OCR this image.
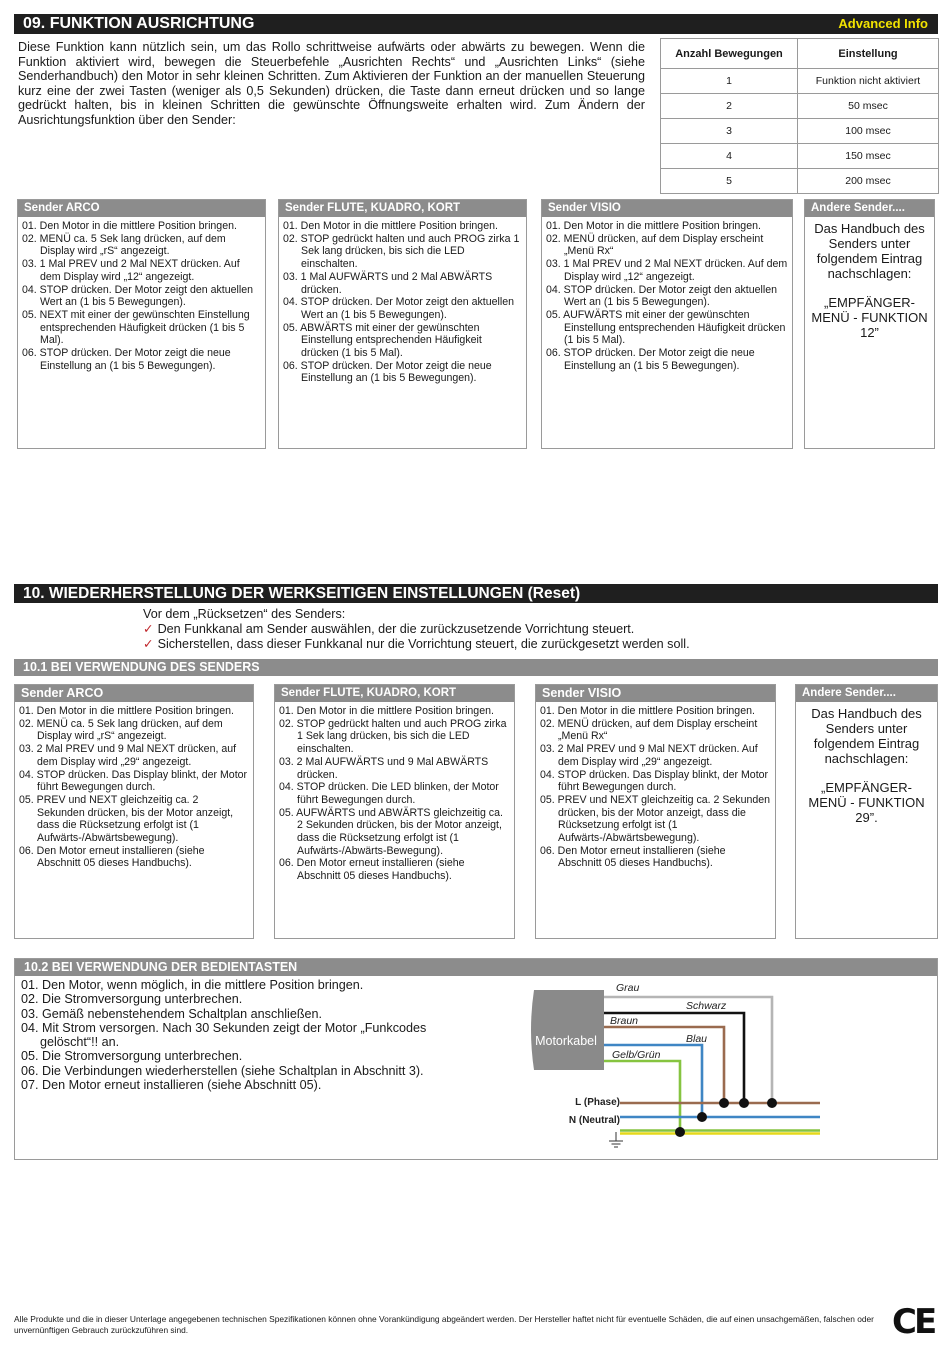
09. FUNKTION AUSRICHTUNG	Advanced Info
Diese Funktion kann nützlich sein, um das Rollo schrittweise aufwärts oder abwärts zu bewegen. Wenn die Funktion aktiviert wird, bewegen die Steuerbefehle „Ausrichten Rechts“ und „Ausrichten Links“ (siehe Senderhandbuch) den Motor in sehr kleinen Schritten. Zum Aktivieren der Funktion an der manuellen Steuerung kurz eine der zwei Tasten (weniger als 0,5 Sekunden) drücken, die Taste dann erneut drücken und so lange gedrückt halten, bis in kleinen Schritten die gewünschte Öffnungsweite erhalten wird. Zum Ändern der Ausrichtungsfunktion über den Sender:
Anzahl Bewegungen	Einstellung
1	Funktion nicht aktiviert
2	50 msec
3	100 msec
4	150 msec
5	200 msec
Sender ARCO
01. Den Motor in die mittlere Position bringen.
02. MENÜ ca. 5 Sek lang drücken, auf dem Display wird „rS“ angezeigt.
03. 1 Mal PREV und 2 Mal NEXT drücken. Auf dem Display wird „12“ angezeigt.
04. STOP drücken. Der Motor zeigt den aktuellen Wert an (1 bis 5 Bewegungen).
05. NEXT mit einer der gewünschten Einstellung entsprechenden Häufigkeit drücken (1 bis 5 Mal).
06. STOP drücken. Der Motor zeigt die neue Einstellung an (1 bis 5 Bewegungen).
Sender FLUTE, KUADRO, KORT
01. Den Motor in die mittlere Position bringen.
02. STOP gedrückt halten und auch PROG zirka 1 Sek lang drücken, bis sich die LED einschalten.
03. 1 Mal AUFWÄRTS und 2 Mal ABWÄRTS drücken.
04. STOP drücken. Der Motor zeigt den aktuellen Wert an (1 bis 5 Bewegungen).
05. ABWÄRTS mit einer der gewünschten Einstellung entsprechenden Häufigkeit drücken (1 bis 5 Mal).
06. STOP drücken. Der Motor zeigt die neue Einstellung an (1 bis 5 Bewegungen).
Sender VISIO
01. Den Motor in die mittlere Position bringen.
02. MENÜ drücken, auf dem Display erscheint „Menü Rx“
03. 1 Mal PREV und 2 Mal NEXT drücken. Auf dem Display wird „12“ angezeigt.
04. STOP drücken. Der Motor zeigt den aktuellen Wert an (1 bis 5 Bewegungen).
05. AUFWÄRTS mit einer der gewünschten Einstellung entsprechenden Häufigkeit drücken (1 bis 5 Mal).
06. STOP drücken. Der Motor zeigt die neue Einstellung an (1 bis 5 Bewegungen).
Andere Sender....

Das Handbuch des Senders unter folgendem Eintrag nachschlagen:

„EMPFÄNGER-MENÜ - FUNKTION 12”

10. WIEDERHERSTELLUNG DER WERKSEITIGEN EINSTELLUNGEN (Reset)
Vor dem „Rücksetzen“ des Senders:
✓ Den Funkkanal am Sender auswählen, der die zurückzusetzende Vorrichtung steuert.
✓ Sicherstellen, dass dieser Funkkanal nur die Vorrichtung steuert, die zurückgesetzt werden soll.
10.1 BEI VERWENDUNG DES SENDERS
Sender ARCO
01. Den Motor in die mittlere Position bringen.
02. MENÜ ca. 5 Sek lang drücken, auf dem Display wird „rS“ angezeigt.
03. 2 Mal PREV und 9 Mal NEXT drücken, auf dem Display wird „29“ angezeigt.
04. STOP drücken. Das Display blinkt, der Motor führt Bewegungen durch.
05. PREV und NEXT gleichzeitig ca. 2 Sekunden drücken, bis der Motor anzeigt, dass die Rücksetzung erfolgt ist (1 Aufwärts-/Abwärtsbewegung).
06. Den Motor erneut installieren (siehe Abschnitt 05 dieses Handbuchs).
Sender FLUTE, KUADRO, KORT
01. Den Motor in die mittlere Position bringen.
02. STOP gedrückt halten und auch PROG zirka 1 Sek lang drücken, bis sich die LED einschalten.
03. 2 Mal AUFWÄRTS und 9 Mal ABWÄRTS drücken.
04. STOP drücken. Die LED blinken, der Motor führt Bewegungen durch.
05. AUFWÄRTS und ABWÄRTS gleichzeitig ca. 2 Sekunden drücken, bis der Motor anzeigt, dass die Rücksetzung erfolgt ist (1 Aufwärts-/Abwärts-Bewegung).
06. Den Motor erneut installieren (siehe Abschnitt 05 dieses Handbuchs).
Sender VISIO
01. Den Motor in die mittlere Position bringen.
02. MENÜ drücken, auf dem Display erscheint „Menü Rx“
03. 2 Mal PREV und 9 Mal NEXT drücken. Auf dem Display wird „29“ angezeigt.
04. STOP drücken. Das Display blinkt, der Motor führt Bewegungen durch.
05. PREV und NEXT gleichzeitig ca. 2 Sekunden drücken, bis der Motor anzeigt, dass die Rücksetzung erfolgt ist (1 Aufwärts-/Abwärtsbewegung).
06. Den Motor erneut installieren (siehe Abschnitt 05 dieses Handbuchs).
Andere Sender....

Das Handbuch des Senders unter folgendem Eintrag nachschlagen:

„EMPFÄNGER-MENÜ - FUNKTION 29”.

10.2 BEI VERWENDUNG DER BEDIENTASTEN
01. Den Motor, wenn möglich, in die mittlere Position bringen.
02. Die Stromversorgung unterbrechen.
03. Gemäß nebenstehendem Schaltplan anschließen.
04. Mit Strom versorgen. Nach 30 Sekunden zeigt der Motor „Funkcodes gelöscht“!! an.
05. Die Stromversorgung unterbrechen.
06. Die Verbindungen wiederherstellen (siehe Schaltplan in Abschnitt 3).
07. Den Motor erneut installieren (siehe Abschnitt 05).
Motorkabel
Grau
Schwarz
Braun
Blau
Gelb/Grün
L (Phase)
N (Neutral)
Alle Produkte und die in dieser Unterlage angegebenen technischen Spezifikationen können ohne Vorankündigung abgeändert werden. Der Hersteller haftet nicht für eventuelle Schäden, die auf einen unsachgemäßen, falschen oder unvernünftigen Gebrauch zurückzuführen sind.	CE
